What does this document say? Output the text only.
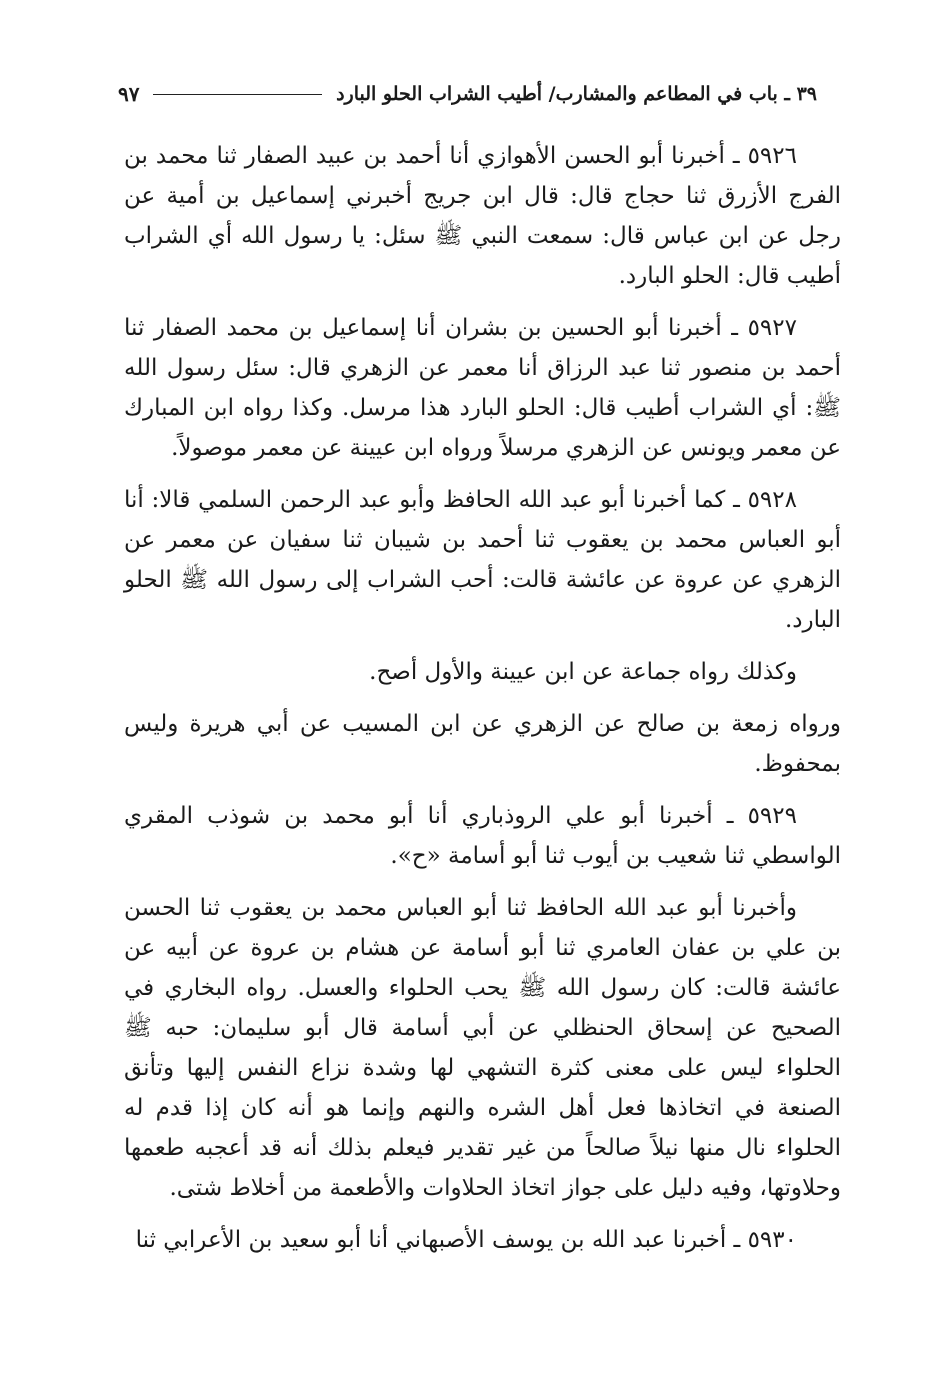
٣٩ ـ باب في المطاعم والمشارب/ أطيب الشراب الحلو البارد
٩٧

٥٩٢٦ ـ أخبرنا أبو الحسن الأهوازي أنا أحمد بن عبيد الصفار ثنا محمد بن الفرج الأزرق ثنا حجاج قال: قال ابن جريج أخبرني إسماعيل بن أمية عن رجل عن ابن عباس قال: سمعت النبي ﷺ سئل: يا رسول الله أي الشراب أطيب قال: الحلو البارد.

٥٩٢٧ ـ أخبرنا أبو الحسين بن بشران أنا إسماعيل بن محمد الصفار ثنا أحمد بن منصور ثنا عبد الرزاق أنا معمر عن الزهري قال: سئل رسول الله ﷺ: أي الشراب أطيب قال: الحلو البارد هذا مرسل. وكذا رواه ابن المبارك عن معمر ويونس عن الزهري مرسلاً ورواه ابن عيينة عن معمر موصولاً.

٥٩٢٨ ـ كما أخبرنا أبو عبد الله الحافظ وأبو عبد الرحمن السلمي قالا: أنا أبو العباس محمد بن يعقوب ثنا أحمد بن شيبان ثنا سفيان عن معمر عن الزهري عن عروة عن عائشة قالت: أحب الشراب إلى رسول الله ﷺ الحلو البارد.

وكذلك رواه جماعة عن ابن عيينة والأول أصح.

ورواه زمعة بن صالح عن الزهري عن ابن المسيب عن أبي هريرة وليس بمحفوظ.

٥٩٢٩ ـ أخبرنا أبو علي الروذباري أنا أبو محمد بن شوذب المقري الواسطي ثنا شعيب بن أيوب ثنا أبو أسامة «ح».

وأخبرنا أبو عبد الله الحافظ ثنا أبو العباس محمد بن يعقوب ثنا الحسن بن علي بن عفان العامري ثنا أبو أسامة عن هشام بن عروة عن أبيه عن عائشة قالت: كان رسول الله ﷺ يحب الحلواء والعسل. رواه البخاري في الصحيح عن إسحاق الحنظلي عن أبي أسامة قال أبو سليمان: حبه ﷺ الحلواء ليس على معنى كثرة التشهي لها وشدة نزاع النفس إليها وتأنق الصنعة في اتخاذها فعل أهل الشره والنهم وإنما هو أنه كان إذا قدم له الحلواء نال منها نيلاً صالحاً من غير تقدير فيعلم بذلك أنه قد أعجبه طعمها وحلاوتها، وفيه دليل على جواز اتخاذ الحلاوات والأطعمة من أخلاط شتى.

٥٩٣٠ ـ أخبرنا عبد الله بن يوسف الأصبهاني أنا أبو سعيد بن الأعرابي ثنا
